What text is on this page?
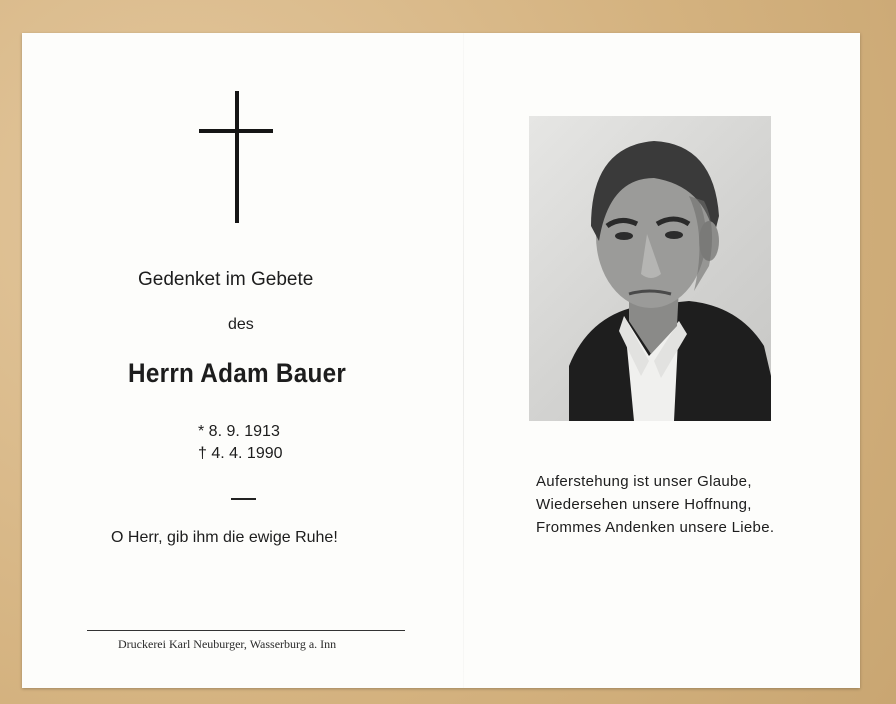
Gedenket im Gebete
des
Herrn Adam Bauer
* 8. 9. 1913
† 4. 4. 1990
O Herr, gib ihm die ewige Ruhe!
Druckerei Karl Neuburger, Wasserburg a. Inn
Auferstehung ist unser Glaube,
Wiedersehen unsere Hoffnung,
Frommes Andenken unsere Liebe.
